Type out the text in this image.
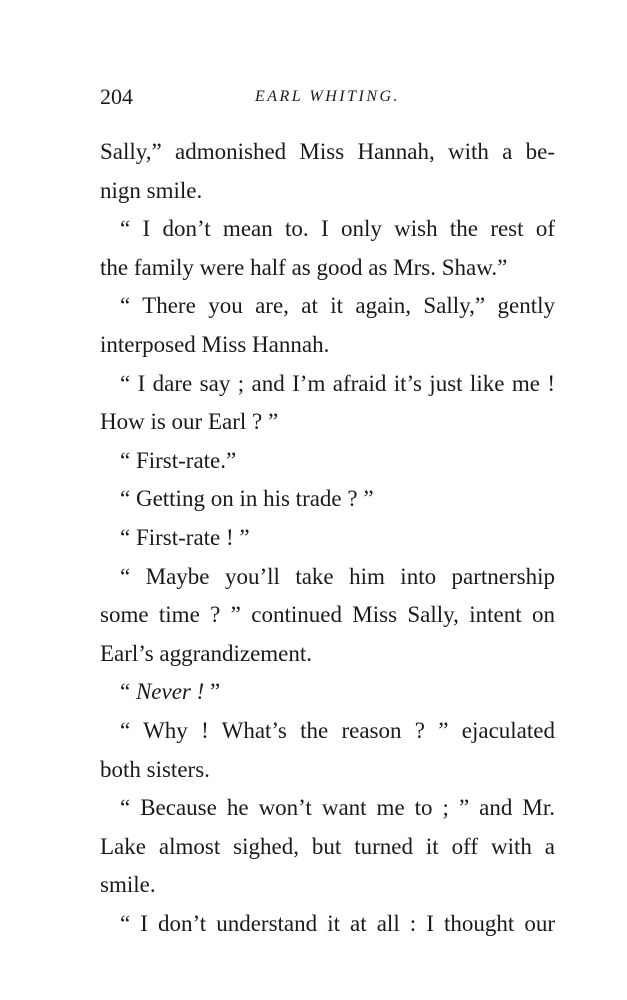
204	EARL WHITING.
Sally,” admonished Miss Hannah, with a be-
nign smile.
“ I don’t mean to. I only wish the rest of
the family were half as good as Mrs. Shaw.”
“ There you are, at it again, Sally,” gently
interposed Miss Hannah.
“ I dare say ; and I’m afraid it’s just like me !
How is our Earl ? ”
“ First-rate.”
“ Getting on in his trade ? ”
“ First-rate ! ”
“ Maybe you’ll take him into partnership
some time ? ” continued Miss Sally, intent on
Earl’s aggrandizement.
“ Never ! ”
“ Why ! What’s the reason ? ” ejaculated
both sisters.
“ Because he won’t want me to ; ” and Mr.
Lake almost sighed, but turned it off with a
smile.
“ I don’t understand it at all : I thought our
